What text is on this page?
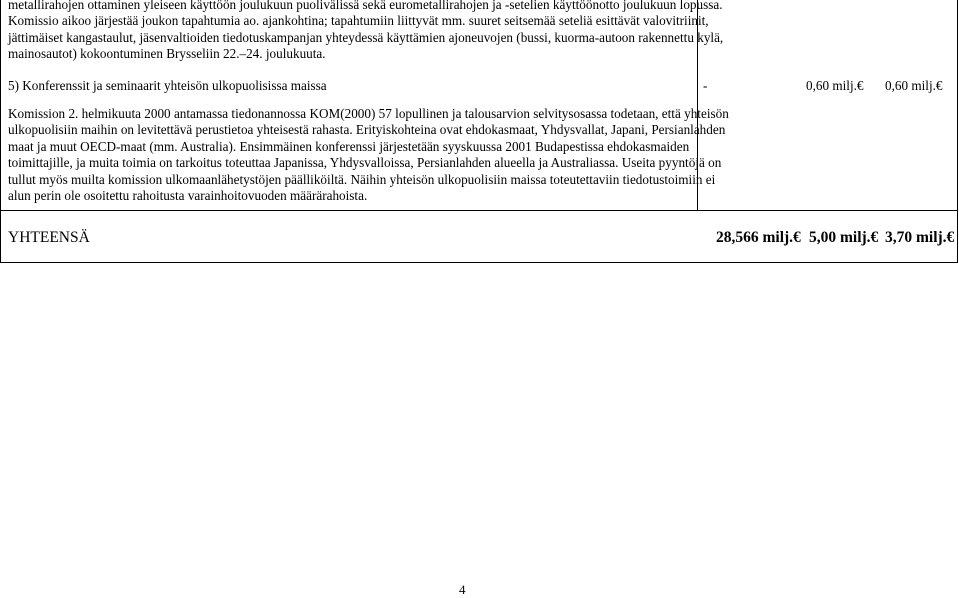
metallirahojen ottaminen yleiseen käyttöön joulukuun puolivälissä sekä eurometallirahojen ja -setelien käyttöönotto joulukuun lopussa.
Komissio aikoo järjestää joukon tapahtumia ao. ajankohtina; tapahtumiin liittyvät mm. suuret seitsemää seteliä esittävät valovitriinit,
jättimäiset kangastaulut, jäsenvaltioiden tiedotuskampanjan yhteydessä käyttämien ajoneuvojen (bussi, kuorma-autoon rakennettu kylä,
mainosautot) kokoontuminen Brysseliin 22.–24. joulukuuta.
5) Konferenssit ja seminaarit yhteisön ulkopuolisissa maissa	-	0,60 milj.€ 0,60 milj.€
Komission 2. helmikuuta 2000 antamassa tiedonannossa KOM(2000) 57 lopullinen ja talousarvion selvitysosassa todetaan, että yhteisön
ulkopuolisiin maihin on levitettävä perustietoa yhteisestä rahasta. Erityiskohteina ovat ehdokasmaat, Yhdysvallat, Japani, Persianlahden
maat ja muut OECD-maat (mm. Australia). Ensimmäinen konferenssi järjestetään syyskuussa 2001 Budapestissa ehdokasmaiden
toimittajille, ja muita toimia on tarkoitus toteuttaa Japanissa, Yhdysvalloissa, Persianlahden alueella ja Australiassa. Useita pyyntöjä on
tullut myös muilta komission ulkomaanlähetystöjen päälliköiltä. Näihin yhteisön ulkopuolisiin maissa toteutettaviin tiedotustoimiin ei
alun perin ole osoitettu rahoitusta varainhoitovuoden määrärahoista.
YHTEENSÄ	28,566 milj.€ 5,00 milj.€ 3,70 milj.€
4
